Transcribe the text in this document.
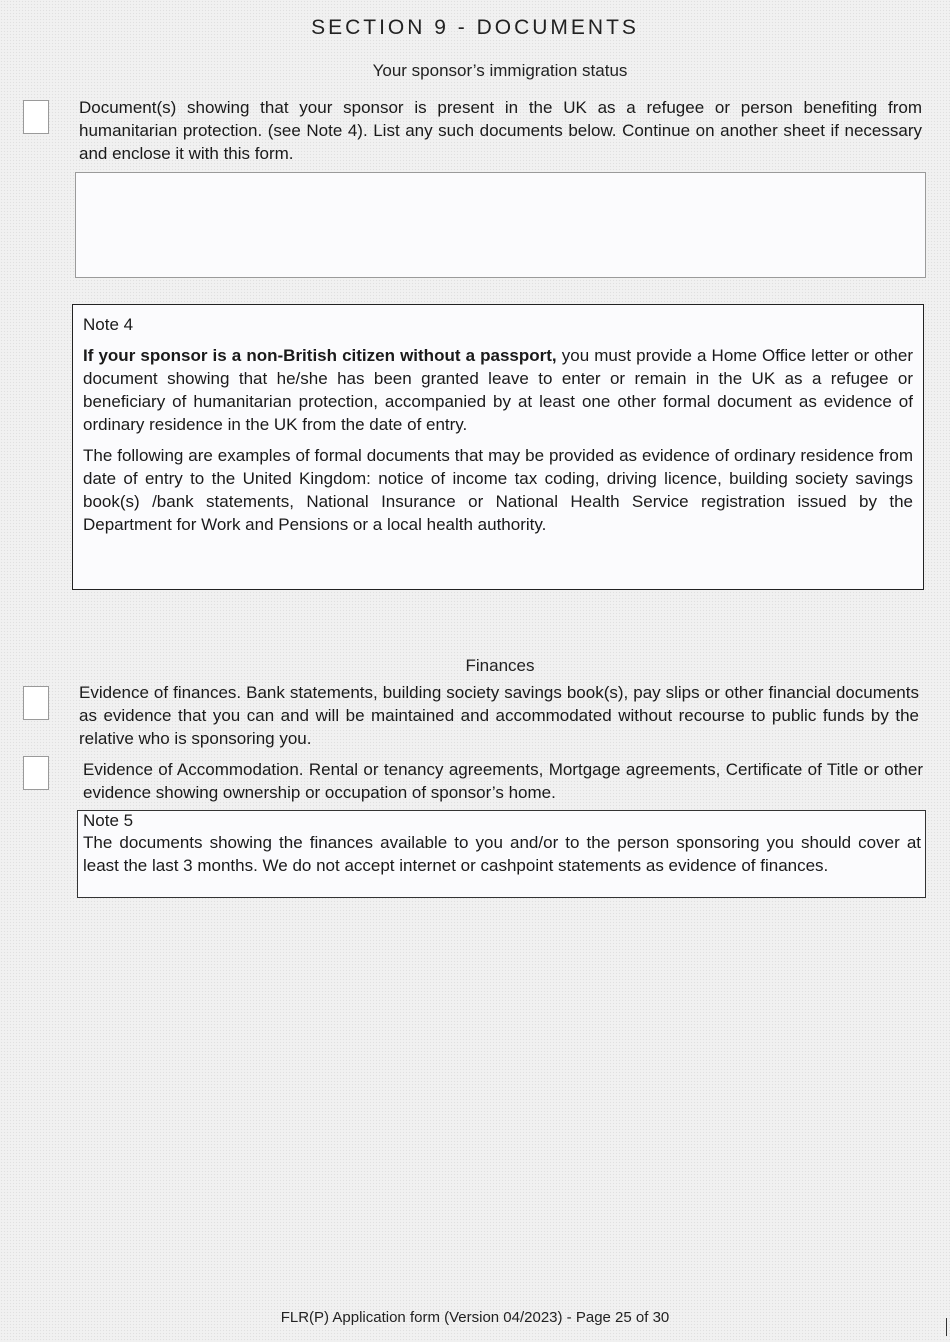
SECTION 9 - DOCUMENTS
Your sponsor’s immigration status
Document(s) showing that your sponsor is present in the UK as a refugee or person benefiting from humanitarian protection. (see Note 4). List any such documents below. Continue on another sheet if necessary and enclose it with this form.
Note 4

If your sponsor is a non-British citizen without a passport, you must provide a Home Office letter or other document showing that he/she has been granted leave to enter or remain in the UK as a refugee or beneficiary of humanitarian protection, accompanied by at least one other formal document as evidence of ordinary residence in the UK from the date of entry.

The following are examples of formal documents that may be provided as evidence of ordinary residence from date of entry to the United Kingdom: notice of income tax coding, driving licence, building society savings book(s) /bank statements, National Insurance or National Health Service registration issued by the Department for Work and Pensions or a local health authority.

Finances
Evidence of finances. Bank statements, building society savings book(s), pay slips or other financial documents as evidence that you can and will be maintained and accommodated without recourse to public funds by the relative who is sponsoring you.
Evidence of Accommodation. Rental or tenancy agreements, Mortgage agreements, Certificate of Title or other evidence showing ownership or occupation of sponsor’s home.
Note 5
The documents showing the finances available to you and/or to the person sponsoring you should cover at least the last 3 months. We do not accept internet or cashpoint statements as evidence of finances.
FLR(P) Application form (Version 04/2023) - Page 25 of 30
